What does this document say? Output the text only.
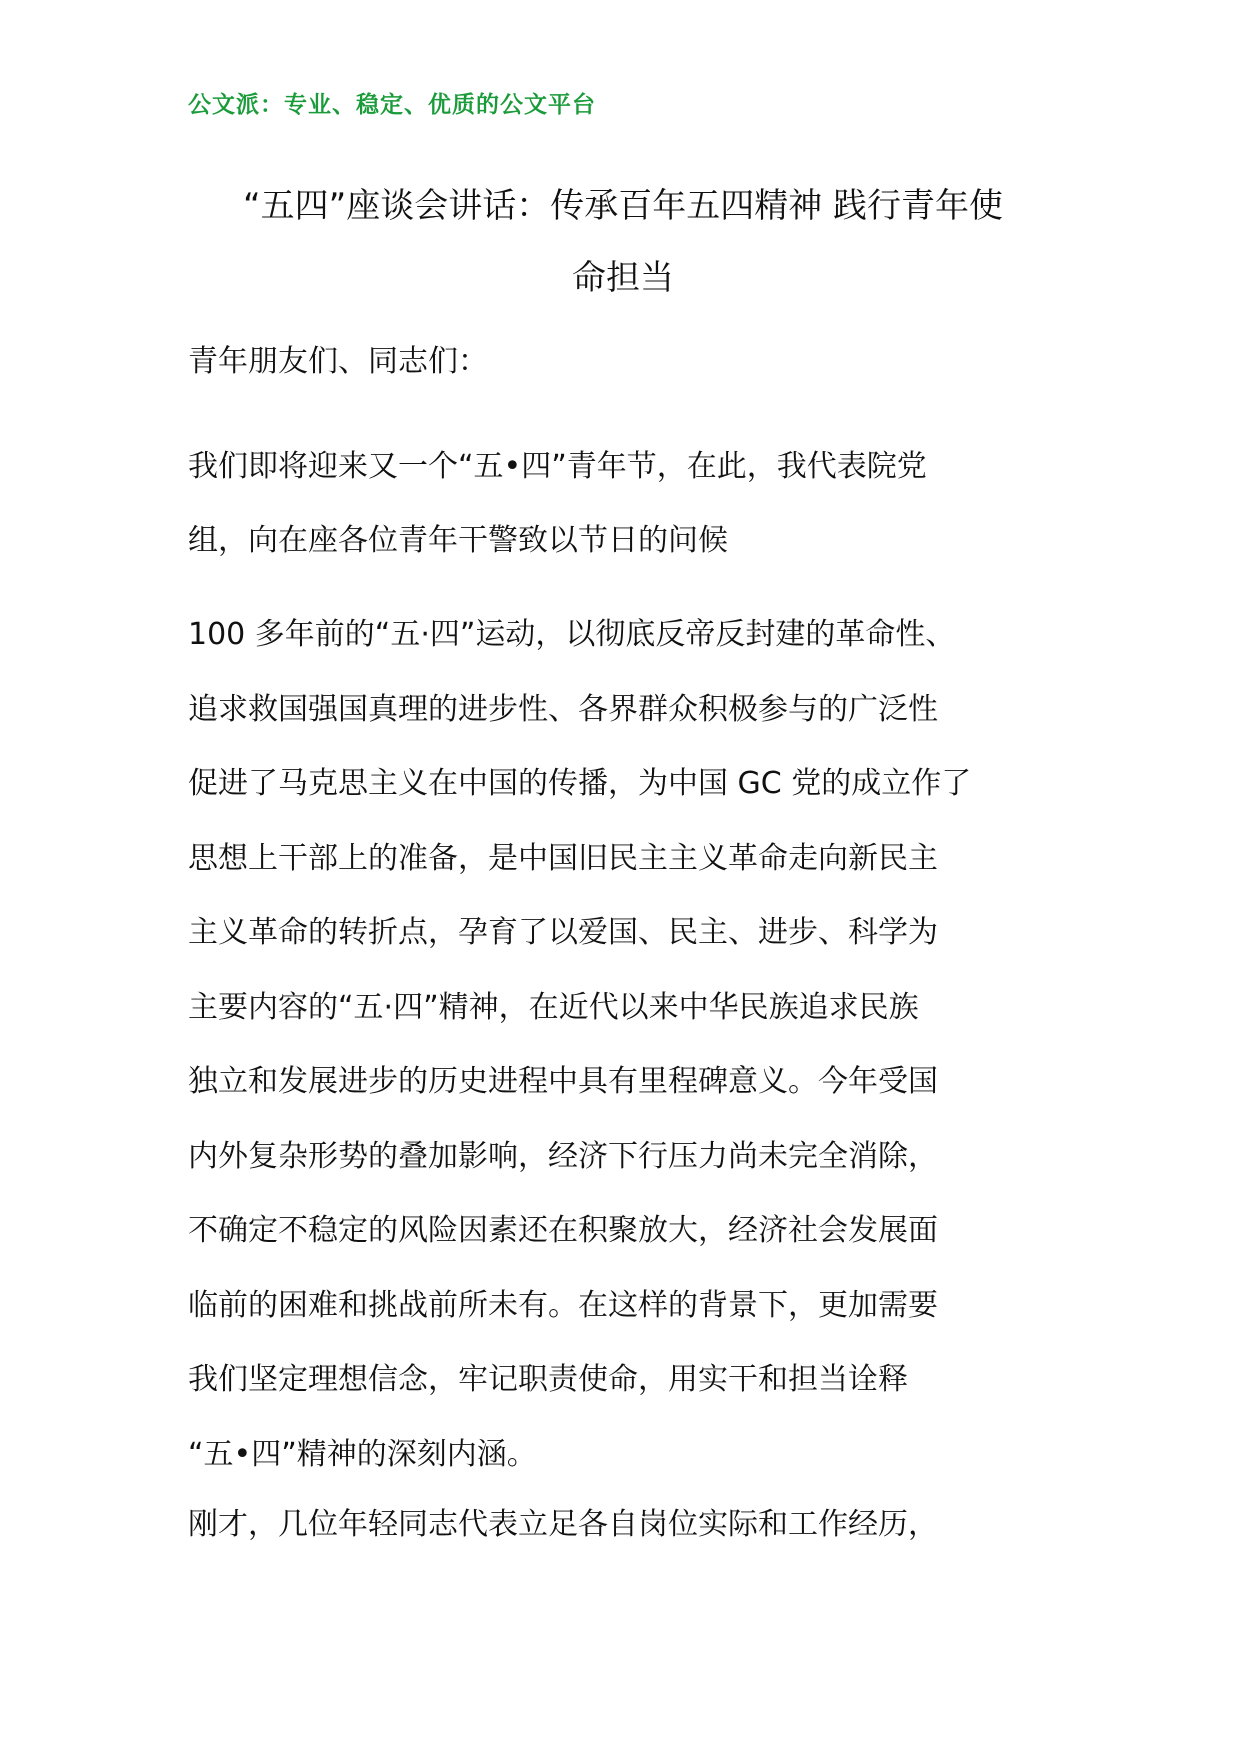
公文派：专业、稳定、优质的公文平台
“五四”座谈会讲话：传承百年五四精神 践行青年使
命担当

青年朋友们、同志们：

我们即将迎来又一个“五•四”青年节，在此，我代表院党
组，向在座各位青年干警致以节日的问候

100 多年前的“五·四”运动，以彻底反帝反封建的革命性、
追求救国强国真理的进步性、各界群众积极参与的广泛性
促进了马克思主义在中国的传播，为中国 GC 党的成立作了
思想上干部上的准备，是中国旧民主主义革命走向新民主
主义革命的转折点，孕育了以爱国、民主、进步、科学为
主要内容的“五·四”精神，在近代以来中华民族追求民族
独立和发展进步的历史进程中具有里程碑意义。今年受国
内外复杂形势的叠加影响，经济下行压力尚未完全消除，
不确定不稳定的风险因素还在积聚放大，经济社会发展面
临前的困难和挑战前所未有。在这样的背景下，更加需要
我们坚定理想信念，牢记职责使命，用实干和担当诠释
“五•四”精神的深刻内涵。

刚才，几位年轻同志代表立足各自岗位实际和工作经历，
